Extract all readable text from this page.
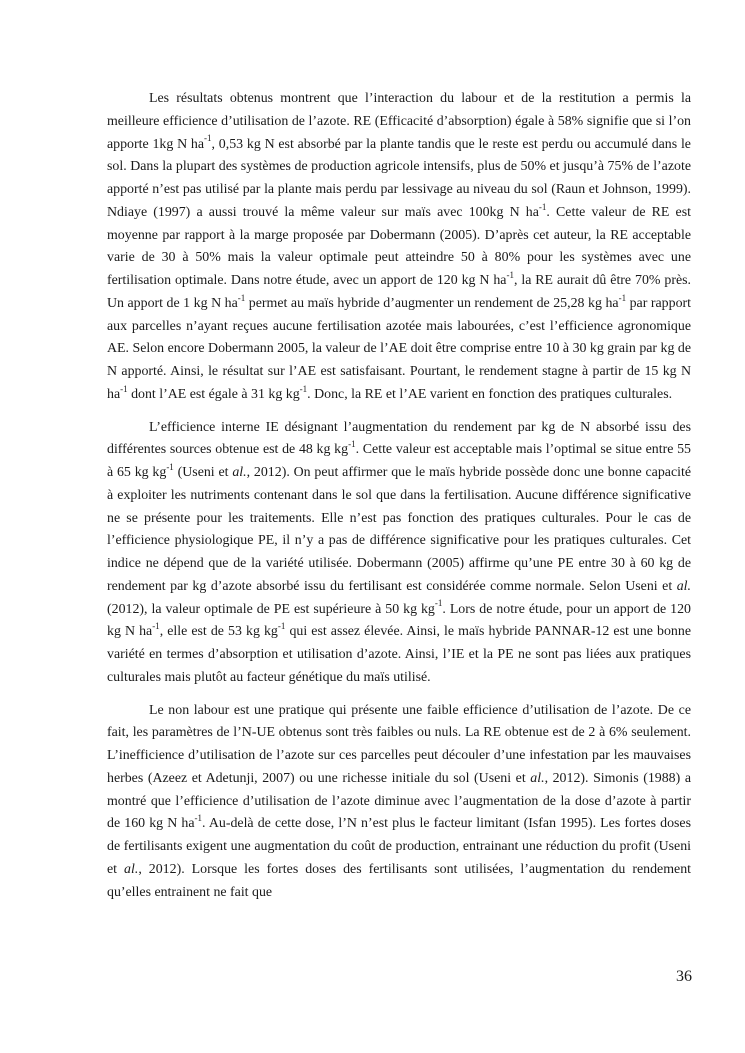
Les résultats obtenus montrent que l’interaction du labour et de la restitution a permis la meilleure efficience d’utilisation de l’azote. RE (Efficacité d’absorption) égale à 58% signifie que si l’on apporte 1kg N $ha^{-1}$, 0,53 kg N est absorbé par la plante tandis que le reste est perdu ou accumulé dans le sol. Dans la plupart des systèmes de production agricole intensifs, plus de 50% et jusqu’à 75% de l’azote apporté n’est pas utilisé par la plante mais perdu par lessivage au niveau du sol (Raun et Johnson, 1999). Ndiaye (1997) a aussi trouvé la même valeur sur maïs avec 100kg N $ha^{-1}$. Cette valeur de RE est moyenne par rapport à la marge proposée par Dobermann (2005). D’après cet auteur, la RE acceptable varie de 30 à 50% mais la valeur optimale peut atteindre 50 à 80% pour les systèmes avec une fertilisation optimale. Dans notre étude, avec un apport de 120 kg N $ha^{-1}$, la RE aurait dû être 70% près. Un apport de 1 kg N $ha^{-1}$ permet au maïs hybride d’augmenter un rendement de 25,28 kg $ha^{-1}$ par rapport aux parcelles n’ayant reçues aucune fertilisation azotée mais labourées, c’est l’efficience agronomique AE. Selon encore Dobermann 2005, la valeur de l’AE doit être comprise entre 10 à 30 kg grain par kg de N apporté. Ainsi, le résultat sur l’AE est satisfaisant. Pourtant, le rendement stagne à partir de 15 kg N $ha^{-1}$ dont l’AE est égale à 31 kg $kg^{-1}$. Donc, la RE et l’AE varient en fonction des pratiques culturales.

L’efficience interne IE désignant l’augmentation du rendement par kg de N absorbé issu des différentes sources obtenue est de 48 kg $kg^{-1}$. Cette valeur est acceptable mais l’optimal se situe entre 55 à 65 kg $kg^{-1}$ (Useni et al., 2012). On peut affirmer que le maïs hybride possède donc une bonne capacité à exploiter les nutriments contenant dans le sol que dans la fertilisation. Aucune différence significative ne se présente pour les traitements. Elle n’est pas fonction des pratiques culturales. Pour le cas de l’efficience physiologique PE, il n’y a pas de différence significative pour les pratiques culturales. Cet indice ne dépend que de la variété utilisée. Dobermann (2005) affirme qu’une PE entre 30 à 60 kg de rendement par kg d’azote absorbé issu du fertilisant est considérée comme normale. Selon Useni et al. (2012), la valeur optimale de PE est supérieure à 50 kg $kg^{-1}$. Lors de notre étude, pour un apport de 120 kg N $ha^{-1}$, elle est de 53 kg $kg^{-1}$ qui est assez élevée. Ainsi, le maïs hybride PANNAR-12 est une bonne variété en termes d’absorption et utilisation d’azote. Ainsi, l’IE et la PE ne sont pas liées aux pratiques culturales mais plutôt au facteur génétique du maïs utilisé.

Le non labour est une pratique qui présente une faible efficience d’utilisation de l’azote. De ce fait, les paramètres de l’N-UE obtenus sont très faibles ou nuls. La RE obtenue est de 2 à 6% seulement. L’inefficience d’utilisation de l’azote sur ces parcelles peut découler d’une infestation par les mauvaises herbes (Azeez et Adetunji, 2007) ou une richesse initiale du sol (Useni et al., 2012). Simonis (1988) a montré que l’efficience d’utilisation de l’azote diminue avec l’augmentation de la dose d’azote à partir de 160 kg N $ha^{-1}$. Au-delà de cette dose, l’N n’est plus le facteur limitant (Isfan 1995). Les fortes doses de fertilisants exigent une augmentation du coût de production, entrainant une réduction du profit (Useni et al., 2012). Lorsque les fortes doses des fertilisants sont utilisées, l’augmentation du rendement qu’elles entrainent ne fait que

36
